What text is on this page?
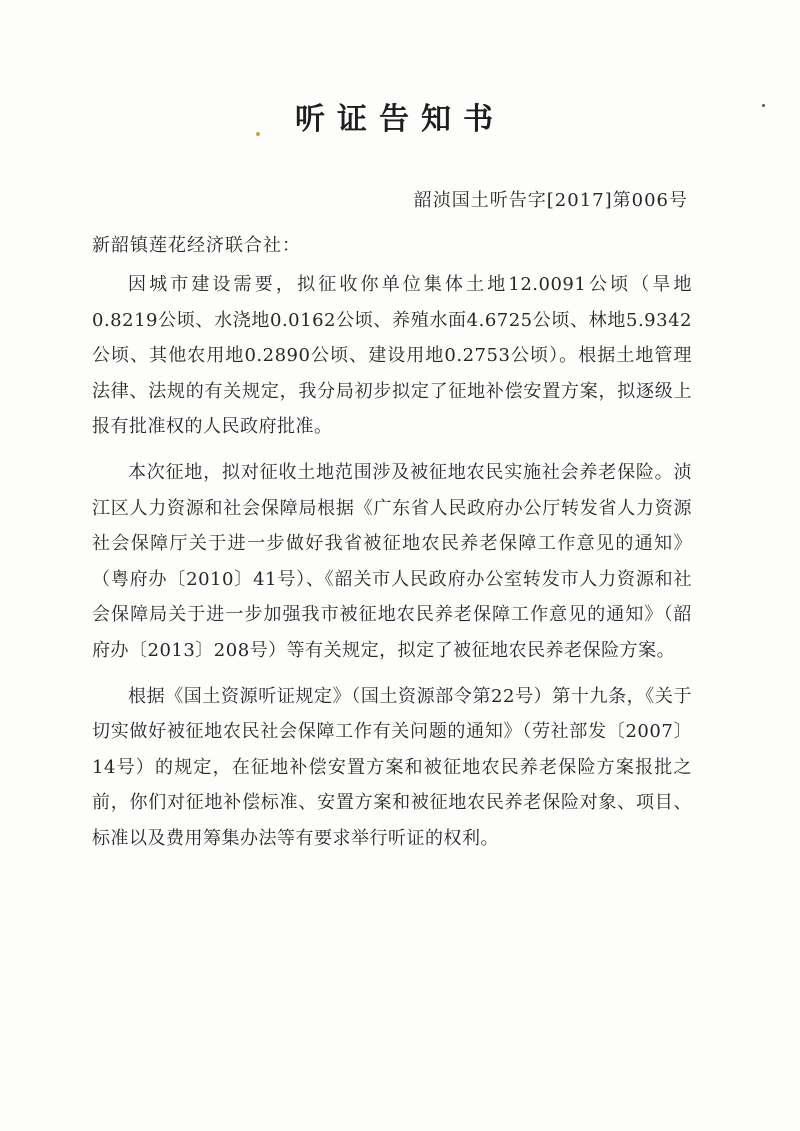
听证告知书

韶浈国土听告字[2017]第006号

新韶镇莲花经济联合社：

因城市建设需要，拟征收你单位集体土地12.0091公顷（旱地0.8219公顷、水浇地0.0162公顷、养殖水面4.6725公顷、林地5.9342公顷、其他农用地0.2890公顷、建设用地0.2753公顷）。根据土地管理法律、法规的有关规定，我分局初步拟定了征地补偿安置方案，拟逐级上报有批准权的人民政府批准。

本次征地，拟对征收土地范围涉及被征地农民实施社会养老保险。浈江区人力资源和社会保障局根据《广东省人民政府办公厅转发省人力资源社会保障厅关于进一步做好我省被征地农民养老保障工作意见的通知》（粤府办〔2010〕41号）、《韶关市人民政府办公室转发市人力资源和社会保障局关于进一步加强我市被征地农民养老保障工作意见的通知》（韶府办〔2013〕208号）等有关规定，拟定了被征地农民养老保险方案。

根据《国土资源听证规定》（国土资源部令第22号）第十九条，《关于切实做好被征地农民社会保障工作有关问题的通知》（劳社部发〔2007〕14号）的规定，在征地补偿安置方案和被征地农民养老保险方案报批之前，你们对征地补偿标准、安置方案和被征地农民养老保险对象、项目、标准以及费用筹集办法等有要求举行听证的权利。
